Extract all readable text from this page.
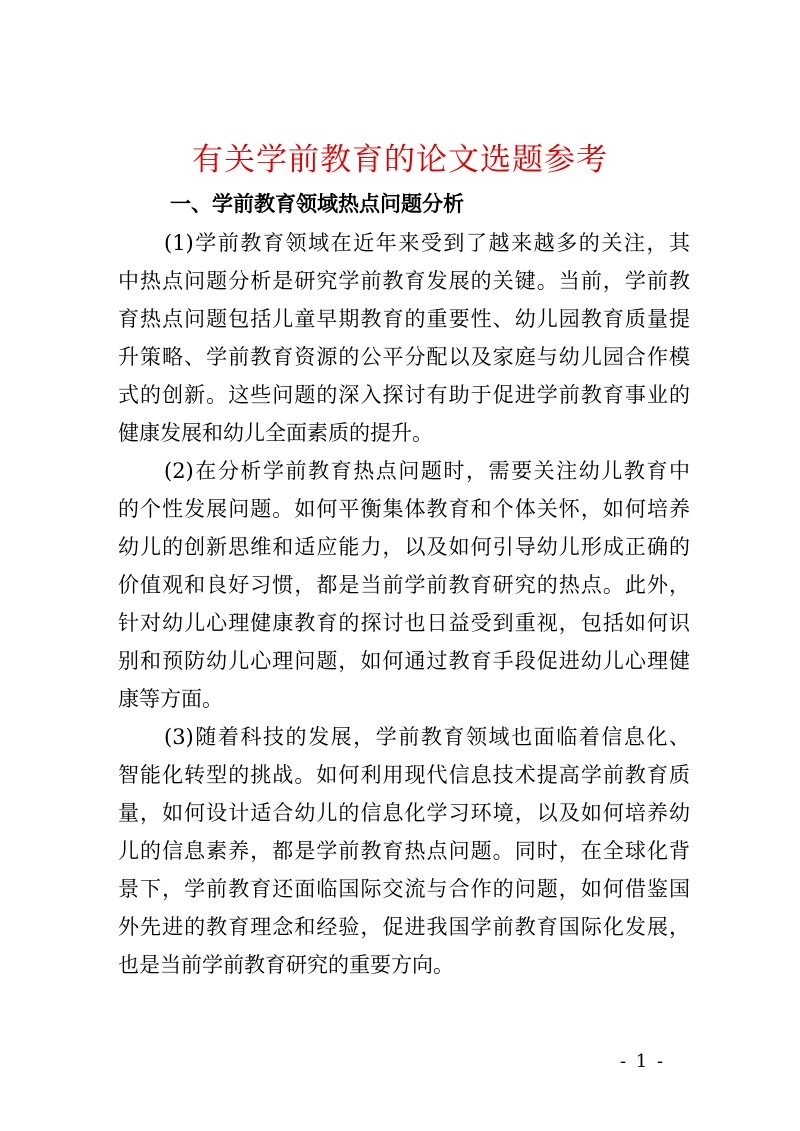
有关学前教育的论文选题参考
一、学前教育领域热点问题分析

(1)学前教育领域在近年来受到了越来越多的关注，其
中热点问题分析是研究学前教育发展的关键。当前，学前教
育热点问题包括儿童早期教育的重要性、幼儿园教育质量提
升策略、学前教育资源的公平分配以及家庭与幼儿园合作模
式的创新。这些问题的深入探讨有助于促进学前教育事业的
健康发展和幼儿全面素质的提升。

(2)在分析学前教育热点问题时，需要关注幼儿教育中
的个性发展问题。如何平衡集体教育和个体关怀，如何培养
幼儿的创新思维和适应能力，以及如何引导幼儿形成正确的
价值观和良好习惯，都是当前学前教育研究的热点。此外，
针对幼儿心理健康教育的探讨也日益受到重视，包括如何识
别和预防幼儿心理问题，如何通过教育手段促进幼儿心理健
康等方面。

(3)随着科技的发展，学前教育领域也面临着信息化、
智能化转型的挑战。如何利用现代信息技术提高学前教育质
量，如何设计适合幼儿的信息化学习环境，以及如何培养幼
儿的信息素养，都是学前教育热点问题。同时，在全球化背
景下，学前教育还面临国际交流与合作的问题，如何借鉴国
外先进的教育理念和经验，促进我国学前教育国际化发展，
也是当前学前教育研究的重要方向。

- 1 -
